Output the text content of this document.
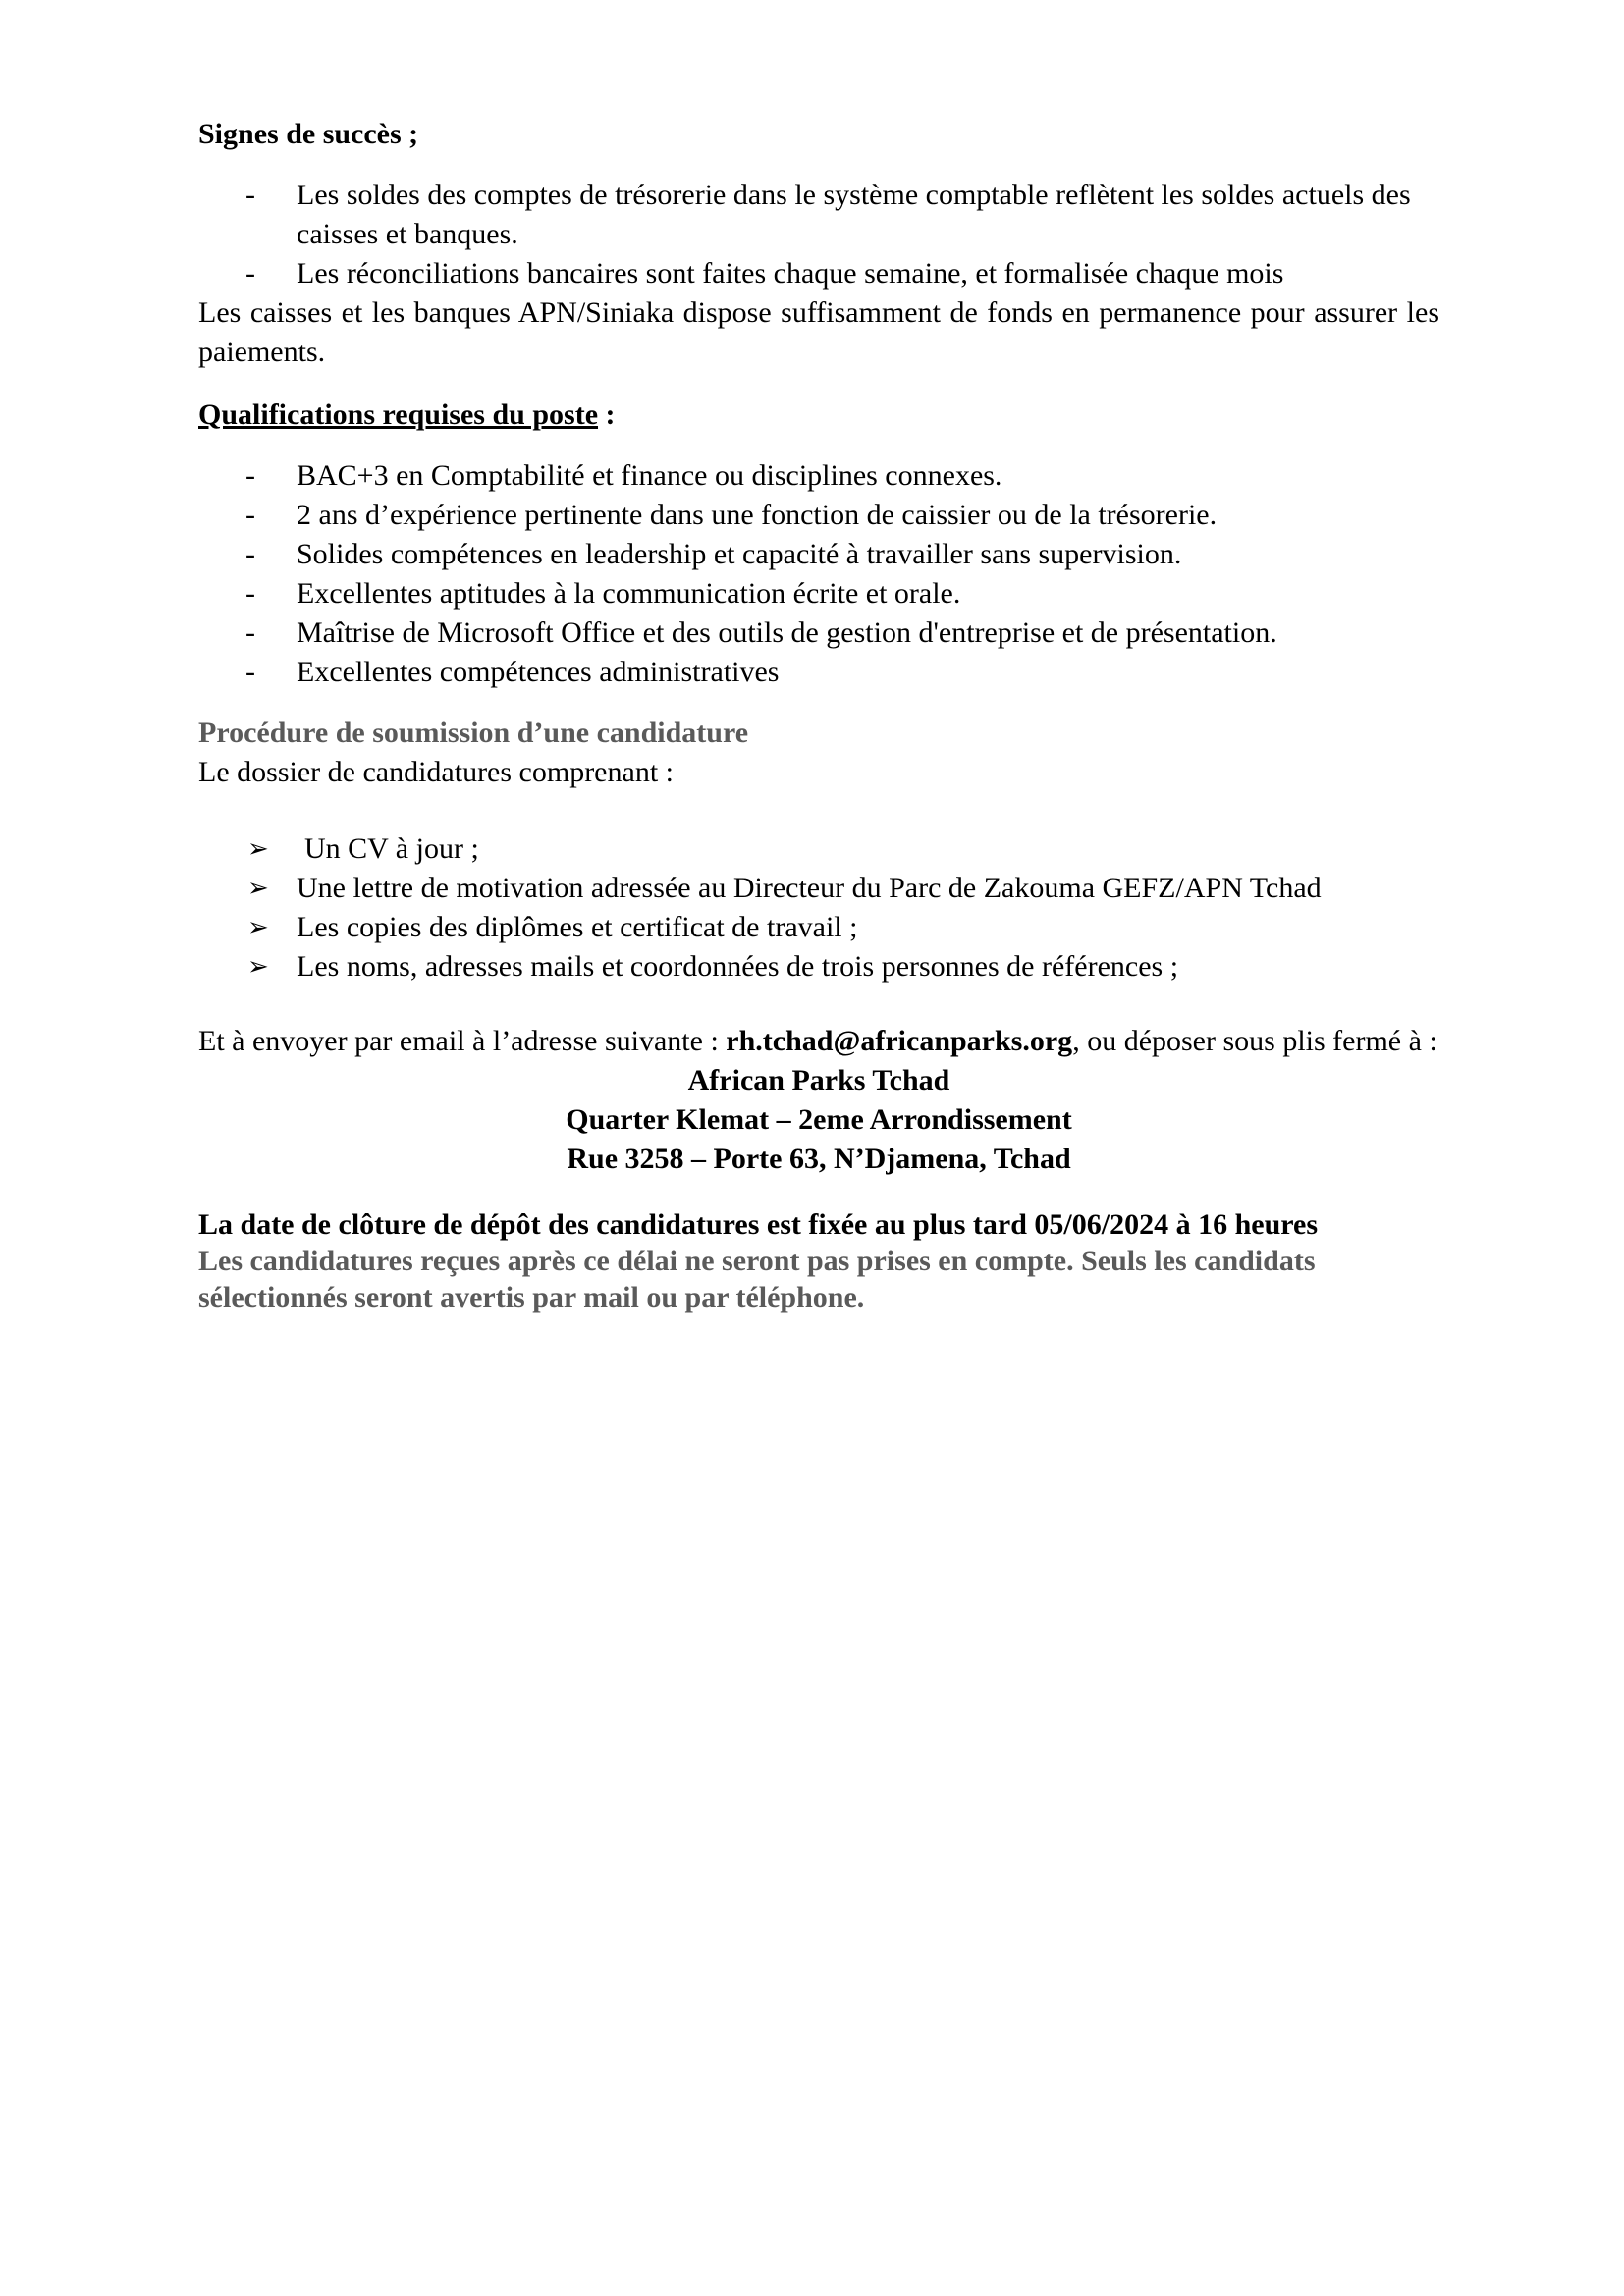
Signes de succès ;

- Les soldes des comptes de trésorerie dans le système comptable reflètent les soldes actuels des caisses et banques.
- Les réconciliations bancaires sont faites chaque semaine, et formalisée chaque mois

Les caisses et les banques APN/Siniaka dispose suffisamment de fonds en permanence pour assurer les paiements.

Qualifications requises du poste :

- BAC+3 en Comptabilité et finance ou disciplines connexes.
- 2 ans d’expérience pertinente dans une fonction de caissier ou de la trésorerie.
- Solides compétences en leadership et capacité à travailler sans supervision.
- Excellentes aptitudes à la communication écrite et orale.
- Maîtrise de Microsoft Office et des outils de gestion d'entreprise et de présentation.
- Excellentes compétences administratives

Procédure de soumission d’une candidature

Le dossier de candidatures comprenant :

➢ Un CV à jour ;
➢ Une lettre de motivation adressée au Directeur du Parc de Zakouma GEFZ/APN Tchad
➢ Les copies des diplômes et certificat de travail ;
➢ Les noms, adresses mails et coordonnées de trois personnes de références ;

Et à envoyer par email à l’adresse suivante : rh.tchad@africanparks.org, ou déposer sous plis fermé à :

African Parks Tchad

Quarter Klemat – 2eme Arrondissement

Rue 3258 – Porte 63, N’Djamena, Tchad

La date de clôture de dépôt des candidatures est fixée au plus tard 05/06/2024 à 16 heures

Les candidatures reçues après ce délai ne seront pas prises en compte. Seuls les candidats sélectionnés seront avertis par mail ou par téléphone.
